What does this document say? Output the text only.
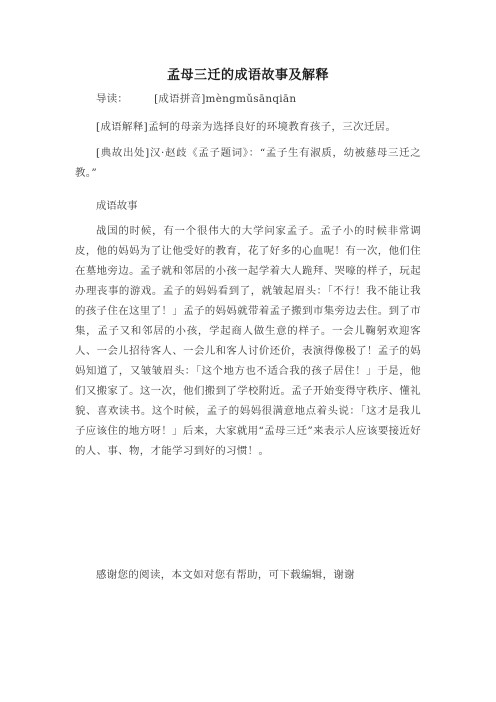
孟母三迁的成语故事及解释
导读：	[成语拼音]mèngmǔsānqiān

[成语解释]孟轲的母亲为选择良好的环境教育孩子，三次迁居。

[典故出处]汉·赵歧《孟子题词》：“孟子生有淑质，幼被慈母三迁之教。”

成语故事

战国的时候，有一个很伟大的大学问家孟子。孟子小的时候非常调皮，他的妈妈为了让他受好的教育，花了好多的心血呢！有一次，他们住在墓地旁边。孟子就和邻居的小孩一起学着大人跪拜、哭嚎的样子，玩起办理丧事的游戏。孟子的妈妈看到了，就皱起眉头：「不行！我不能让我的孩子住在这里了！」孟子的妈妈就带着孟子搬到市集旁边去住。到了市集，孟子又和邻居的小孩，学起商人做生意的样子。一会儿鞠躬欢迎客人、一会儿招待客人、一会儿和客人讨价还价，表演得像极了！孟子的妈妈知道了，又皱皱眉头：「这个地方也不适合我的孩子居住！」于是，他们又搬家了。这一次，他们搬到了学校附近。孟子开始变得守秩序、懂礼貌、喜欢读书。这个时候，孟子的妈妈很满意地点着头说：「这才是我儿子应该住的地方呀！」后来，大家就用“孟母三迁”来表示人应该要接近好的人、事、物，才能学习到好的习惯！。

感谢您的阅读，本文如对您有帮助，可下载编辑，谢谢
